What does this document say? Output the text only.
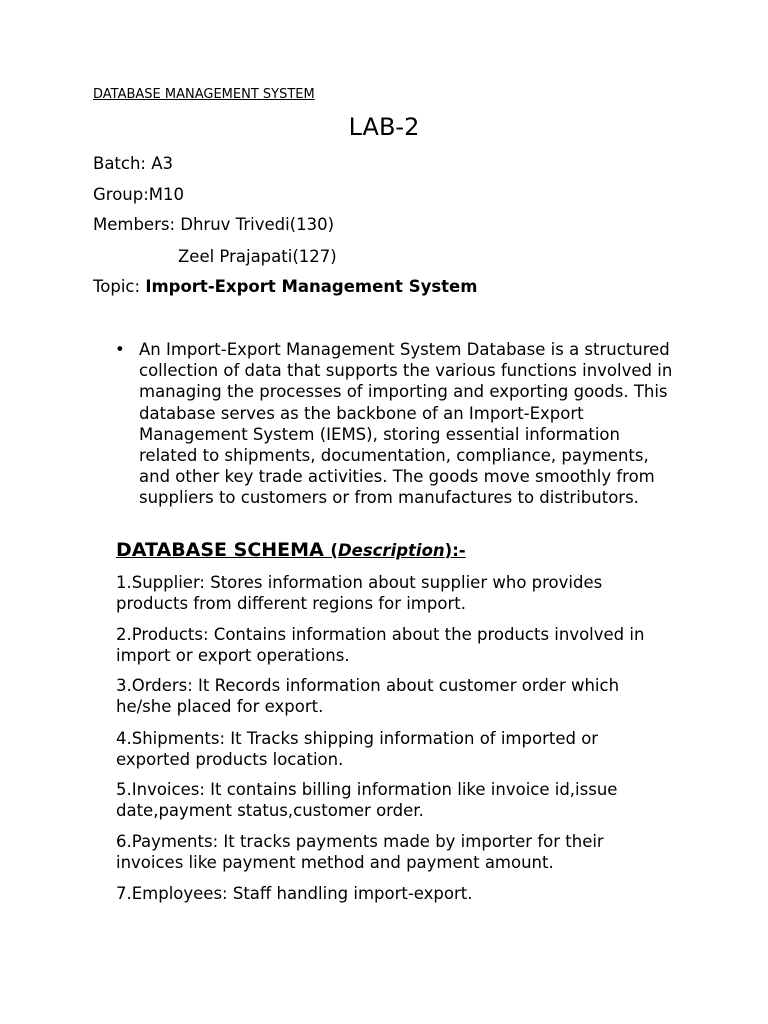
DATABASE MANAGEMENT SYSTEM
LAB-2
Batch: A3
Group:M10
Members: Dhruv Trivedi(130)
Zeel Prajapati(127)
Topic: Import-Export Management System
• An Import-Export Management System Database is a structured collection of data that supports the various functions involved in managing the processes of importing and exporting goods. This database serves as the backbone of an Import-Export Management System (IEMS), storing essential information related to shipments, documentation, compliance, payments, and other key trade activities. The goods move smoothly from suppliers to customers or from manufactures to distributors.
DATABASE SCHEMA (Description):-
1.Supplier: Stores information about supplier who provides products from different regions for import.
2.Products: Contains information about the products involved in import or export operations.
3.Orders: It Records information about customer order which he/she placed for export.
4.Shipments: It Tracks shipping information of imported or exported products location.
5.Invoices: It contains billing information like invoice id,issue date,payment status,customer order.
6.Payments: It tracks payments made by importer for their invoices like payment method and payment amount.
7.Employees: Staff handling import-export.
